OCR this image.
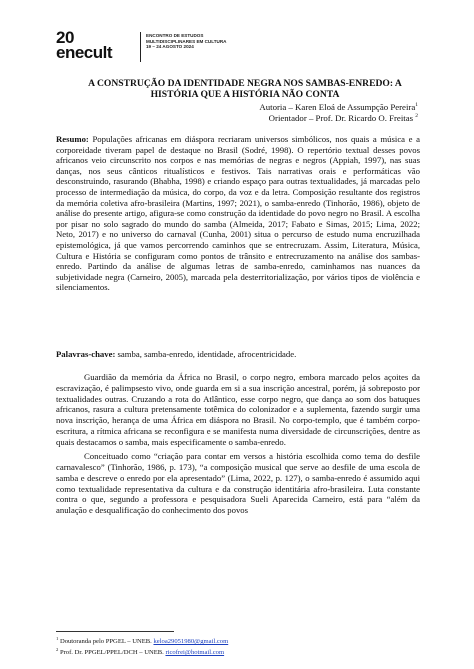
20
enecult
ENCONTRO DE ESTUDOS
MULTIDISCIPLINARES EM CULTURA
19 – 24 AGOSTO 2024
A CONSTRUÇÃO DA IDENTIDADE NEGRA NOS SAMBAS-ENREDO: A
HISTÓRIA QUE A HISTÓRIA NÃO CONTA
Autoria – Karen Eloá de Assumpção Pereira$^1$
Orientador – Prof. Dr. Ricardo O. Freitas $^2$
Resumo: Populações africanas em diáspora recriaram universos simbólicos, nos quais a música e a corporeidade tiveram papel de destaque no Brasil (Sodré, 1998). O repertório textual desses povos africanos veio circunscrito nos corpos e nas memórias de negras e negros (Appiah, 1997), nas suas danças, nos seus cânticos ritualísticos e festivos. Tais narrativas orais e performáticas vão desconstruindo, rasurando (Bhabha, 1998) e criando espaço para outras textualidades, já marcadas pelo processo de intermediação da música, do corpo, da voz e da letra. Composição resultante dos registros da memória coletiva afro-brasileira (Martins, 1997; 2021), o samba-enredo (Tinhorão, 1986), objeto de análise do presente artigo, afigura-se como construção da identidade do povo negro no Brasil. A escolha por pisar no solo sagrado do mundo do samba (Almeida, 2017; Fabato e Simas, 2015; Lima, 2022; Neto, 2017) e no universo do carnaval (Cunha, 2001) situa o percurso de estudo numa encruzilhada epistemológica, já que vamos percorrendo caminhos que se entrecruzam. Assim, Literatura, Música, Cultura e História se configuram como pontos de trânsito e entrecruzamento na análise dos sambas-enredo. Partindo da análise de algumas letras de samba-enredo, caminhamos nas nuances da subjetividade negra (Carneiro, 2005), marcada pela desterritorialização, por vários tipos de violência e silenciamentos.
Palavras-chave: samba, samba-enredo, identidade, afrocentricidade.

Guardião da memória da África no Brasil, o corpo negro, embora marcado pelos açoites da escravização, é palimpsesto vivo, onde guarda em si a sua inscrição ancestral, porém, já sobreposto por textualidades outras. Cruzando a rota do Atlântico, esse corpo negro, que dança ao som dos batuques africanos, rasura a cultura pretensamente totêmica do colonizador e a suplementa, fazendo surgir uma nova inscrição, herança de uma África em diáspora no Brasil. No corpo-templo, que é também corpo-escritura, a rítmica africana se reconfigura e se manifesta numa diversidade de circunscrições, dentre as quais destacamos o samba, mais especificamente o samba-enredo.

Conceituado como “criação para contar em versos a história escolhida como tema do desfile carnavalesco” (Tinhorão, 1986, p. 173), “a composição musical que serve ao desfile de uma escola de samba e descreve o enredo por ela apresentado” (Lima, 2022, p. 127), o samba-enredo é assumido aqui como textualidade representativa da cultura e da construção identitária afro-brasileira. Luta constante contra o que, segundo a professora e pesquisadora Sueli Aparecida Carneiro, está para “além da anulação e desqualificação do conhecimento dos povos

$^1$ Doutoranda pelo PPGEL – UNEB. keloa29051980@gmail.com
$^2$ Prof. Dr. PPGEL/PPEL/DCH – UNEB. ricofrei@hotmail.com
